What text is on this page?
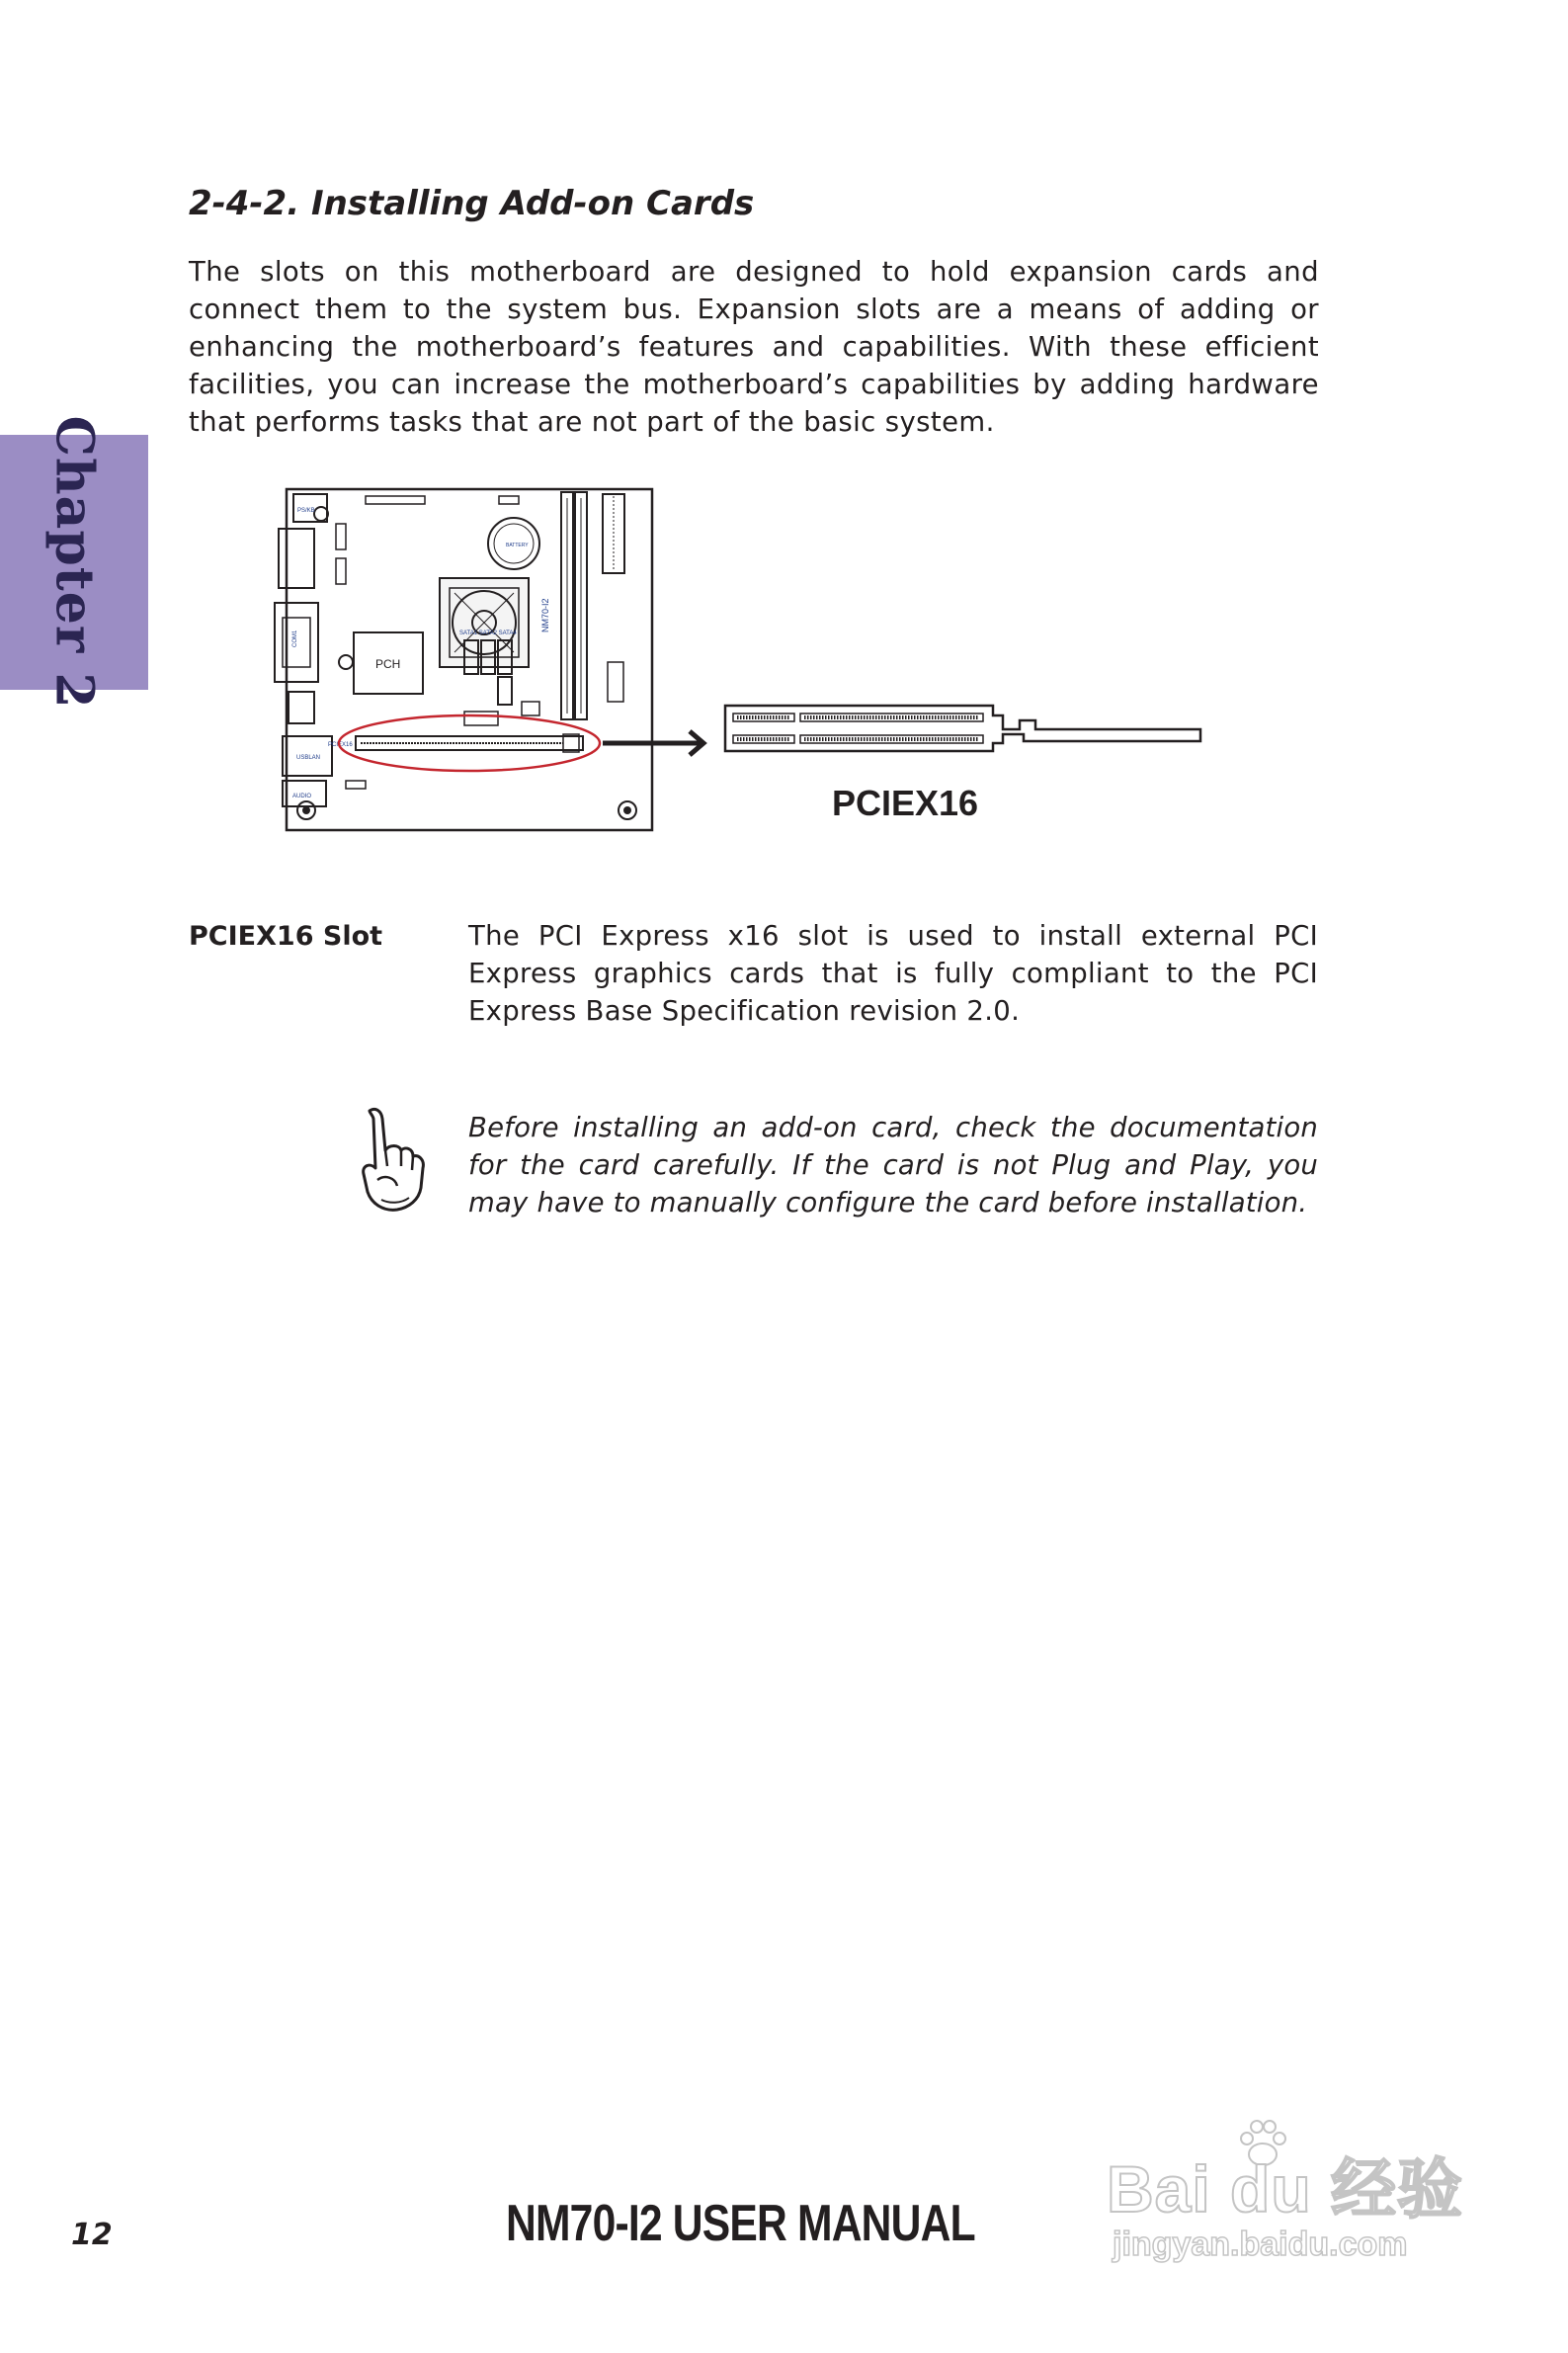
Chapter 2
2-4-2. Installing Add-on Cards

The slots on this motherboard are designed to hold expansion cards and connect them to the system bus. Expansion slots are a means of adding or enhancing the motherboard’s features and capabilities. With these efficient facilities, you can increase the motherboard’s capabilities by adding hardware that performs tasks that are not part of the basic system.

PS/KB
COM1
USBLAN
AUDIO
BATTERY
NM70-I2
PCH
SATA1 SATA2 SATA4
PCIEX16
PCIEX16

PCIEX16 Slot	The PCI Express x16 slot is used to install external PCI Express graphics cards that is fully compliant to the PCI Express Base Specification revision 2.0.

Before installing an add-on card, check the documentation for the card carefully. If the card is not Plug and Play, you may have to manually configure the card before installation.

12	NM70-I2 USER MANUAL Bai du 经验
jingyan.baidu.com
